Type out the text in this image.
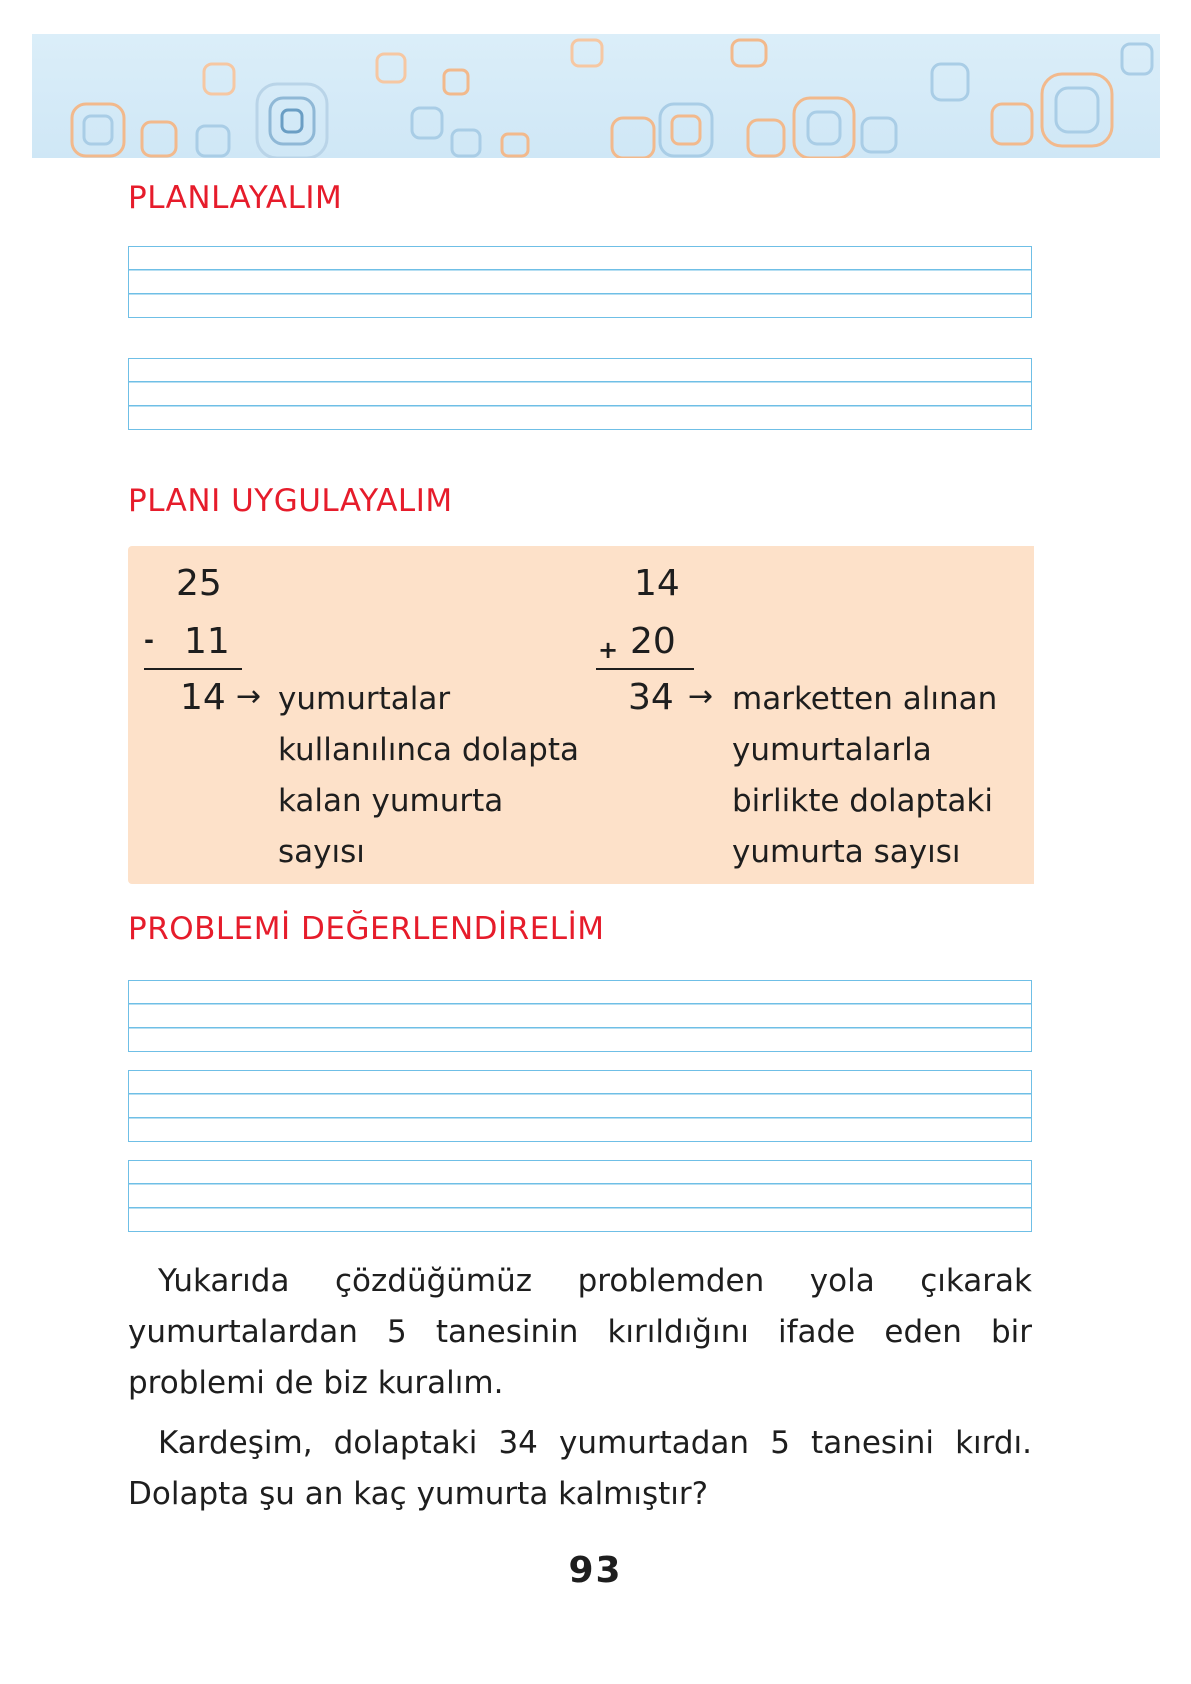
PLANLAYALIM
PLANI UYGULAYALIM
25
- 11
14 → yumurtalar
kullanılınca dolapta
kalan yumurta
sayısı
14
+ 20
34 → marketten alınan
yumurtalarla
birlikte dolaptaki
yumurta sayısı
PROBLEMİ DEĞERLENDİRELİM

Yukarıda çözdüğümüz problemden yola çıkarak yumurtalardan 5 tanesinin kırıldığını ifade eden bir problemi de biz kuralım.

Kardeşim, dolaptaki 34 yumurtadan 5 tanesini kırdı. Dolapta şu an kaç yumurta kalmıştır?

93
